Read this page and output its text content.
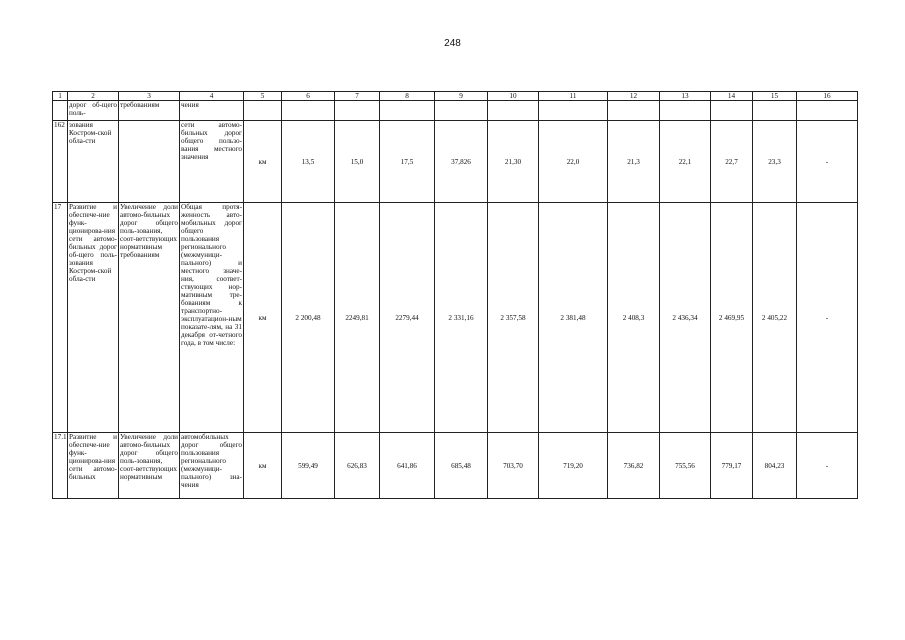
248
1	2	3	4	5	6	7	8	9	10	11	12	13	14	15	16
	дорог об-щего поль-	требованиям	чения												
162	зования Костром-ской обла-сти		сети автомо-бильных дорог общего пользо-вания местного значения	км	13,5	15,0	17,5	37,826	21,30	22,0	21,3	22,1	22,7	23,3	-
17	Развитие и обеспече-ние функ-ционирова-ния сети автомо-бильных дорог об-щего поль-зования Костром-ской обла-сти	Увеличение доли автомо-бильных дорог общего поль-зования, соот-ветствующих нормативным требованиям	Общая протя-женность авто-мобильных дорог общего пользования регионального (межмуници-пального) и местного значе-ния, соответ-ствующих нор-мативным тре-бованиям к транспортно-эксплуатацион-ным показате-лям, на 31 декабря от-четного года, в том числе:	км	2 200,48	2249,81	2279,44	2 331,16	2 357,58	2 381,48	2 408,3	2 436,34	2 469,95	2 405,22	-
17.1	Развитие и обеспече-ние функ-ционирова-ния сети автомо-бильных	Увеличение доли автомо-бильных дорог общего поль-зования, соот-ветствующих нормативным	автомобильных дорог общего пользования регионального (межмуници-пального) зна-чения	км	599,49	626,83	641,86	685,48	703,70	719,20	736,82	755,56	779,17	804,23	-
